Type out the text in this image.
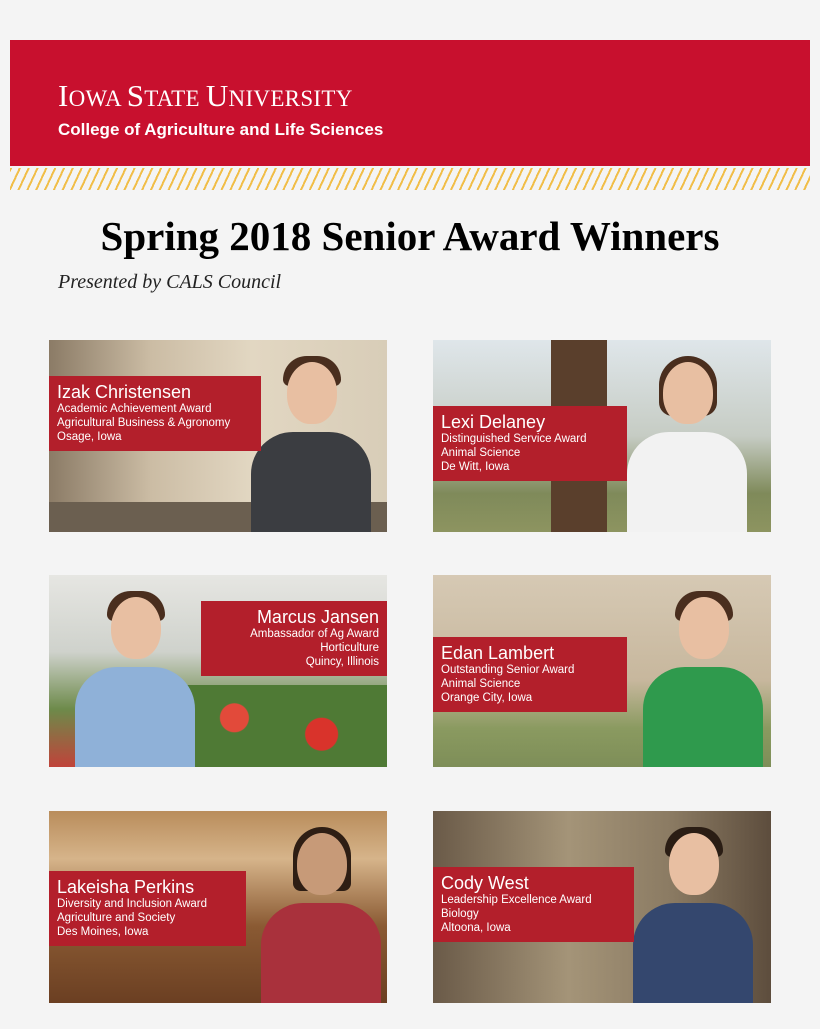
IOWA STATE UNIVERSITY
College of Agriculture and Life Sciences
Spring 2018 Senior Award Winners
Presented by CALS Council
Izak Christensen
Academic Achievement Award
Agricultural Business & Agronomy
Osage, Iowa
Lexi Delaney
Distinguished Service Award
Animal Science
De Witt, Iowa
Marcus Jansen
Ambassador of Ag Award
Horticulture
Quincy, Illinois	Edan Lambert
Outstanding Senior Award
Animal Science
Orange City, Iowa
Lakeisha Perkins
Diversity and Inclusion Award
Agriculture and Society
Des Moines, Iowa
Cody West
Leadership Excellence Award
Biology
Altoona, Iowa
